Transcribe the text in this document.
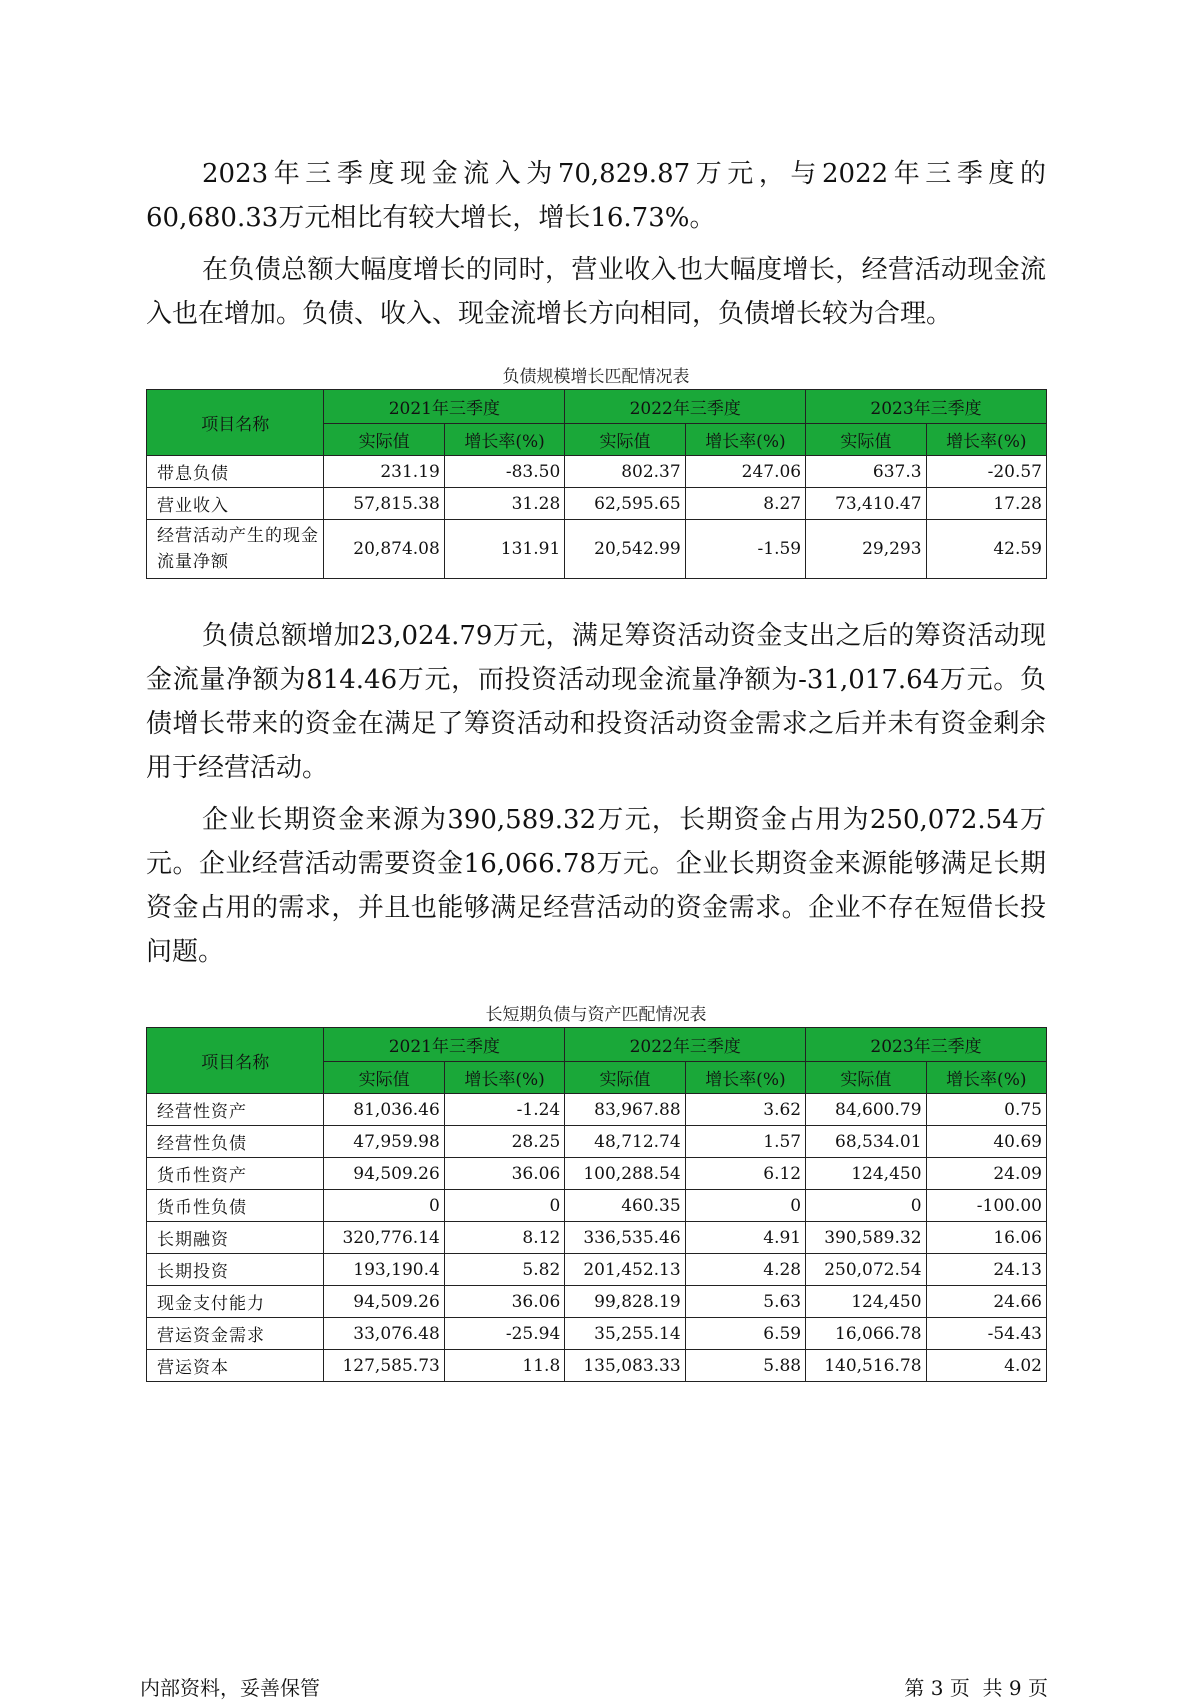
2023年三季度现金流入为70,829.87万元，与2022年三季度的60,680.33万元相比有较大增长，增长16.73%。

在负债总额大幅度增长的同时，营业收入也大幅度增长，经营活动现金流入也在增加。负债、收入、现金流增长方向相同，负债增长较为合理。

负债规模增长匹配情况表
项目名称	2021年三季度		2022年三季度		2023年三季度	
	实际值	增长率(%)	实际值	增长率(%)	实际值	增长率(%)
带息负债	231.19	-83.50	802.37	247.06	637.3	-20.57
营业收入	57,815.38	31.28	62,595.65	8.27	73,410.47	17.28
经营活动产生的现金流量净额	20,874.08	131.91	20,542.99	-1.59	29,293	42.59

负债总额增加23,024.79万元，满足筹资活动资金支出之后的筹资活动现金流量净额为814.46万元，而投资活动现金流量净额为-31,017.64万元。负债增长带来的资金在满足了筹资活动和投资活动资金需求之后并未有资金剩余用于经营活动。

企业长期资金来源为390,589.32万元，长期资金占用为250,072.54万元。企业经营活动需要资金16,066.78万元。企业长期资金来源能够满足长期资金占用的需求，并且也能够满足经营活动的资金需求。企业不存在短借长投问题。

长短期负债与资产匹配情况表
项目名称	2021年三季度		2022年三季度		2023年三季度	
	实际值	增长率(%)	实际值	增长率(%)	实际值	增长率(%)
经营性资产	81,036.46	-1.24	83,967.88	3.62	84,600.79	0.75
经营性负债	47,959.98	28.25	48,712.74	1.57	68,534.01	40.69
货币性资产	94,509.26	36.06	100,288.54	6.12	124,450	24.09
货币性负债	0	0	460.35	0	0	-100.00
长期融资	320,776.14	8.12	336,535.46	4.91	390,589.32	16.06
长期投资	193,190.4	5.82	201,452.13	4.28	250,072.54	24.13
现金支付能力	94,509.26	36.06	99,828.19	5.63	124,450	24.66
营运资金需求	33,076.48	-25.94	35,255.14	6.59	16,066.78	-54.43
营运资本	127,585.73	11.8	135,083.33	5.88	140,516.78	4.02
内部资料，妥善保管	第 3 页  共 9 页
